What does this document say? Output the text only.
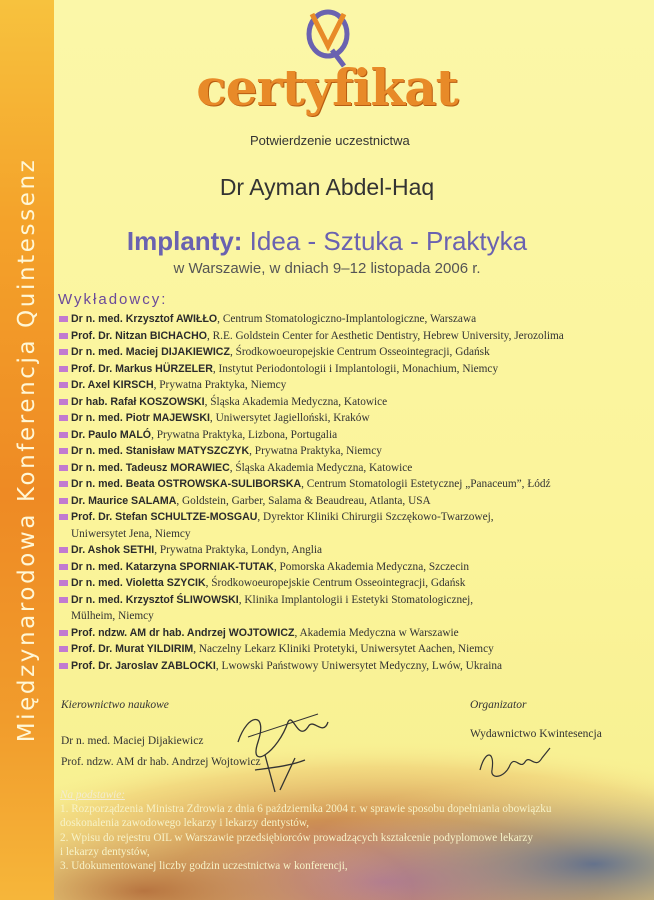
Międzynarodowa Konferencja Quintessenz
certyfikat
Potwierdzenie uczestnictwa
Dr Ayman Abdel-Haq
Implanty: Idea - Sztuka - Praktyka
w Warszawie, w dniach 9–12 listopada 2006 r.
Wykładowcy:
Dr n. med. Krzysztof AWIŁŁO, Centrum Stomatologiczno-Implantologiczne, Warszawa
Prof. Dr. Nitzan BICHACHO, R.E. Goldstein Center for Aesthetic Dentistry, Hebrew University, Jerozolima
Dr n. med. Maciej DIJAKIEWICZ, Środkowoeuropejskie Centrum Osseointegracji, Gdańsk
Prof. Dr. Markus HÜRZELER, Instytut Periodontologii i Implantologii, Monachium, Niemcy
Dr. Axel KIRSCH, Prywatna Praktyka, Niemcy
Dr hab. Rafał KOSZOWSKI, Śląska Akademia Medyczna, Katowice
Dr n. med. Piotr MAJEWSKI, Uniwersytet Jagielloński, Kraków
Dr. Paulo MALÓ, Prywatna Praktyka, Lizbona, Portugalia
Dr n. med. Stanisław MATYSZCZYK, Prywatna Praktyka, Niemcy
Dr n. med. Tadeusz MORAWIEC, Śląska Akademia Medyczna, Katowice
Dr n. med. Beata OSTROWSKA-SULIBORSKA, Centrum Stomatologii Estetycznej „Panaceum”, Łódź
Dr. Maurice SALAMA, Goldstein, Garber, Salama & Beaudreau, Atlanta, USA
Prof. Dr. Stefan SCHULTZE-MOSGAU, Dyrektor Kliniki Chirurgii Szczękowo-Twarzowej,
Uniwersytet Jena, Niemcy
Dr. Ashok SETHI, Prywatna Praktyka, Londyn, Anglia
Dr n. med. Katarzyna SPORNIAK-TUTAK, Pomorska Akademia Medyczna, Szczecin
Dr n. med. Violetta SZYCIK, Środkowoeuropejskie Centrum Osseointegracji, Gdańsk
Dr n. med. Krzysztof ŚLIWOWSKI, Klinika Implantologii i Estetyki Stomatologicznej,
Mülheim, Niemcy
Prof. ndzw. AM dr hab. Andrzej WOJTOWICZ, Akademia Medyczna w Warszawie
Prof. Dr. Murat YILDIRIM, Naczelny Lekarz Kliniki Protetyki, Uniwersytet Aachen, Niemcy
Prof. Dr. Jaroslav ZABLOCKI, Lwowski Państwowy Uniwersytet Medyczny, Lwów, Ukraina
Kierownictwo naukowe
Dr n. med. Maciej Dijakiewicz
Prof. ndzw. AM dr hab. Andrzej Wojtowicz
Organizator
Wydawnictwo Kwintesencja
Na podstawie:
1. Rozporządzenia Ministra Zdrowia z dnia 6 października 2004 r. w sprawie sposobu dopełniania obowiązku
doskonalenia zawodowego lekarzy i lekarzy dentystów,
2. Wpisu do rejestru OIL w Warszawie przedsiębiorców prowadzących kształcenie podyplomowe lekarzy
i lekarzy dentystów,
3. Udokumentowanej liczby godzin uczestnictwa w konferencji,
